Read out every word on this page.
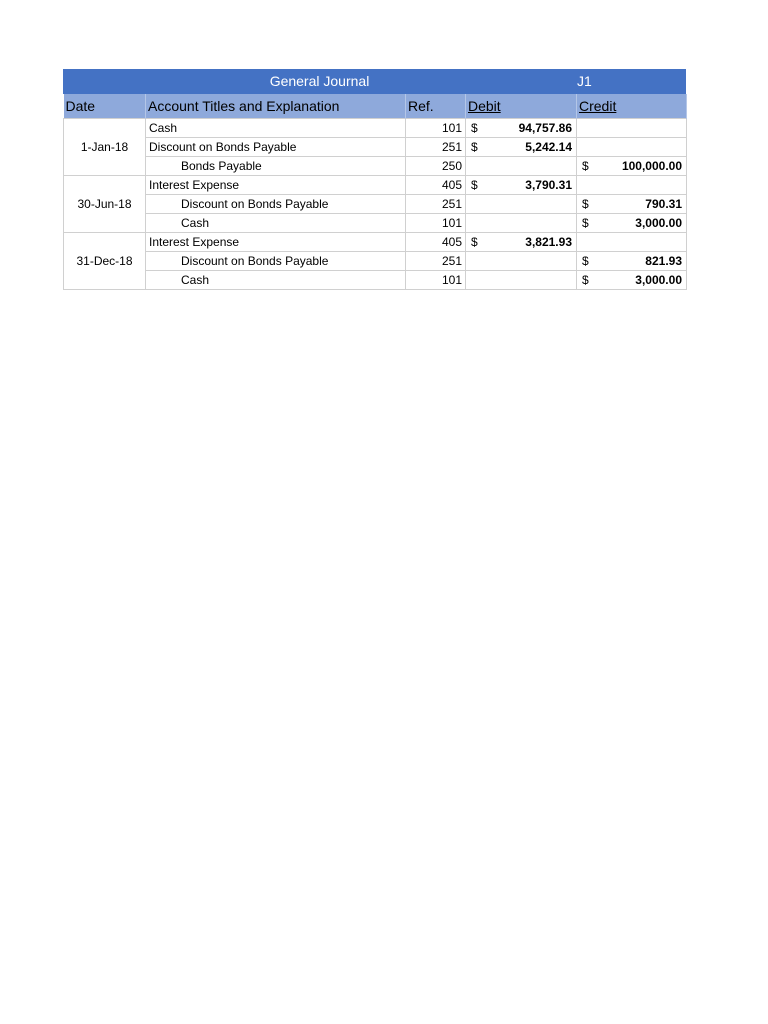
General Journal	J1
Date	Account Titles and Explanation	Ref.	Debit	Credit
1-Jan-18	Cash	101	$ 94,757.86	

	Discount on Bonds Payable	251	$ 5,242.14	

	Bonds Payable	250		$ 100,000.00

30-Jun-18	Interest Expense	405	$ 3,790.31	

	Discount on Bonds Payable	251		$ 790.31

	Cash	101		$ 3,000.00

31-Dec-18	Interest Expense	405	$ 3,821.93	

	Discount on Bonds Payable	251		$ 821.93

	Cash	101		$ 3,000.00
